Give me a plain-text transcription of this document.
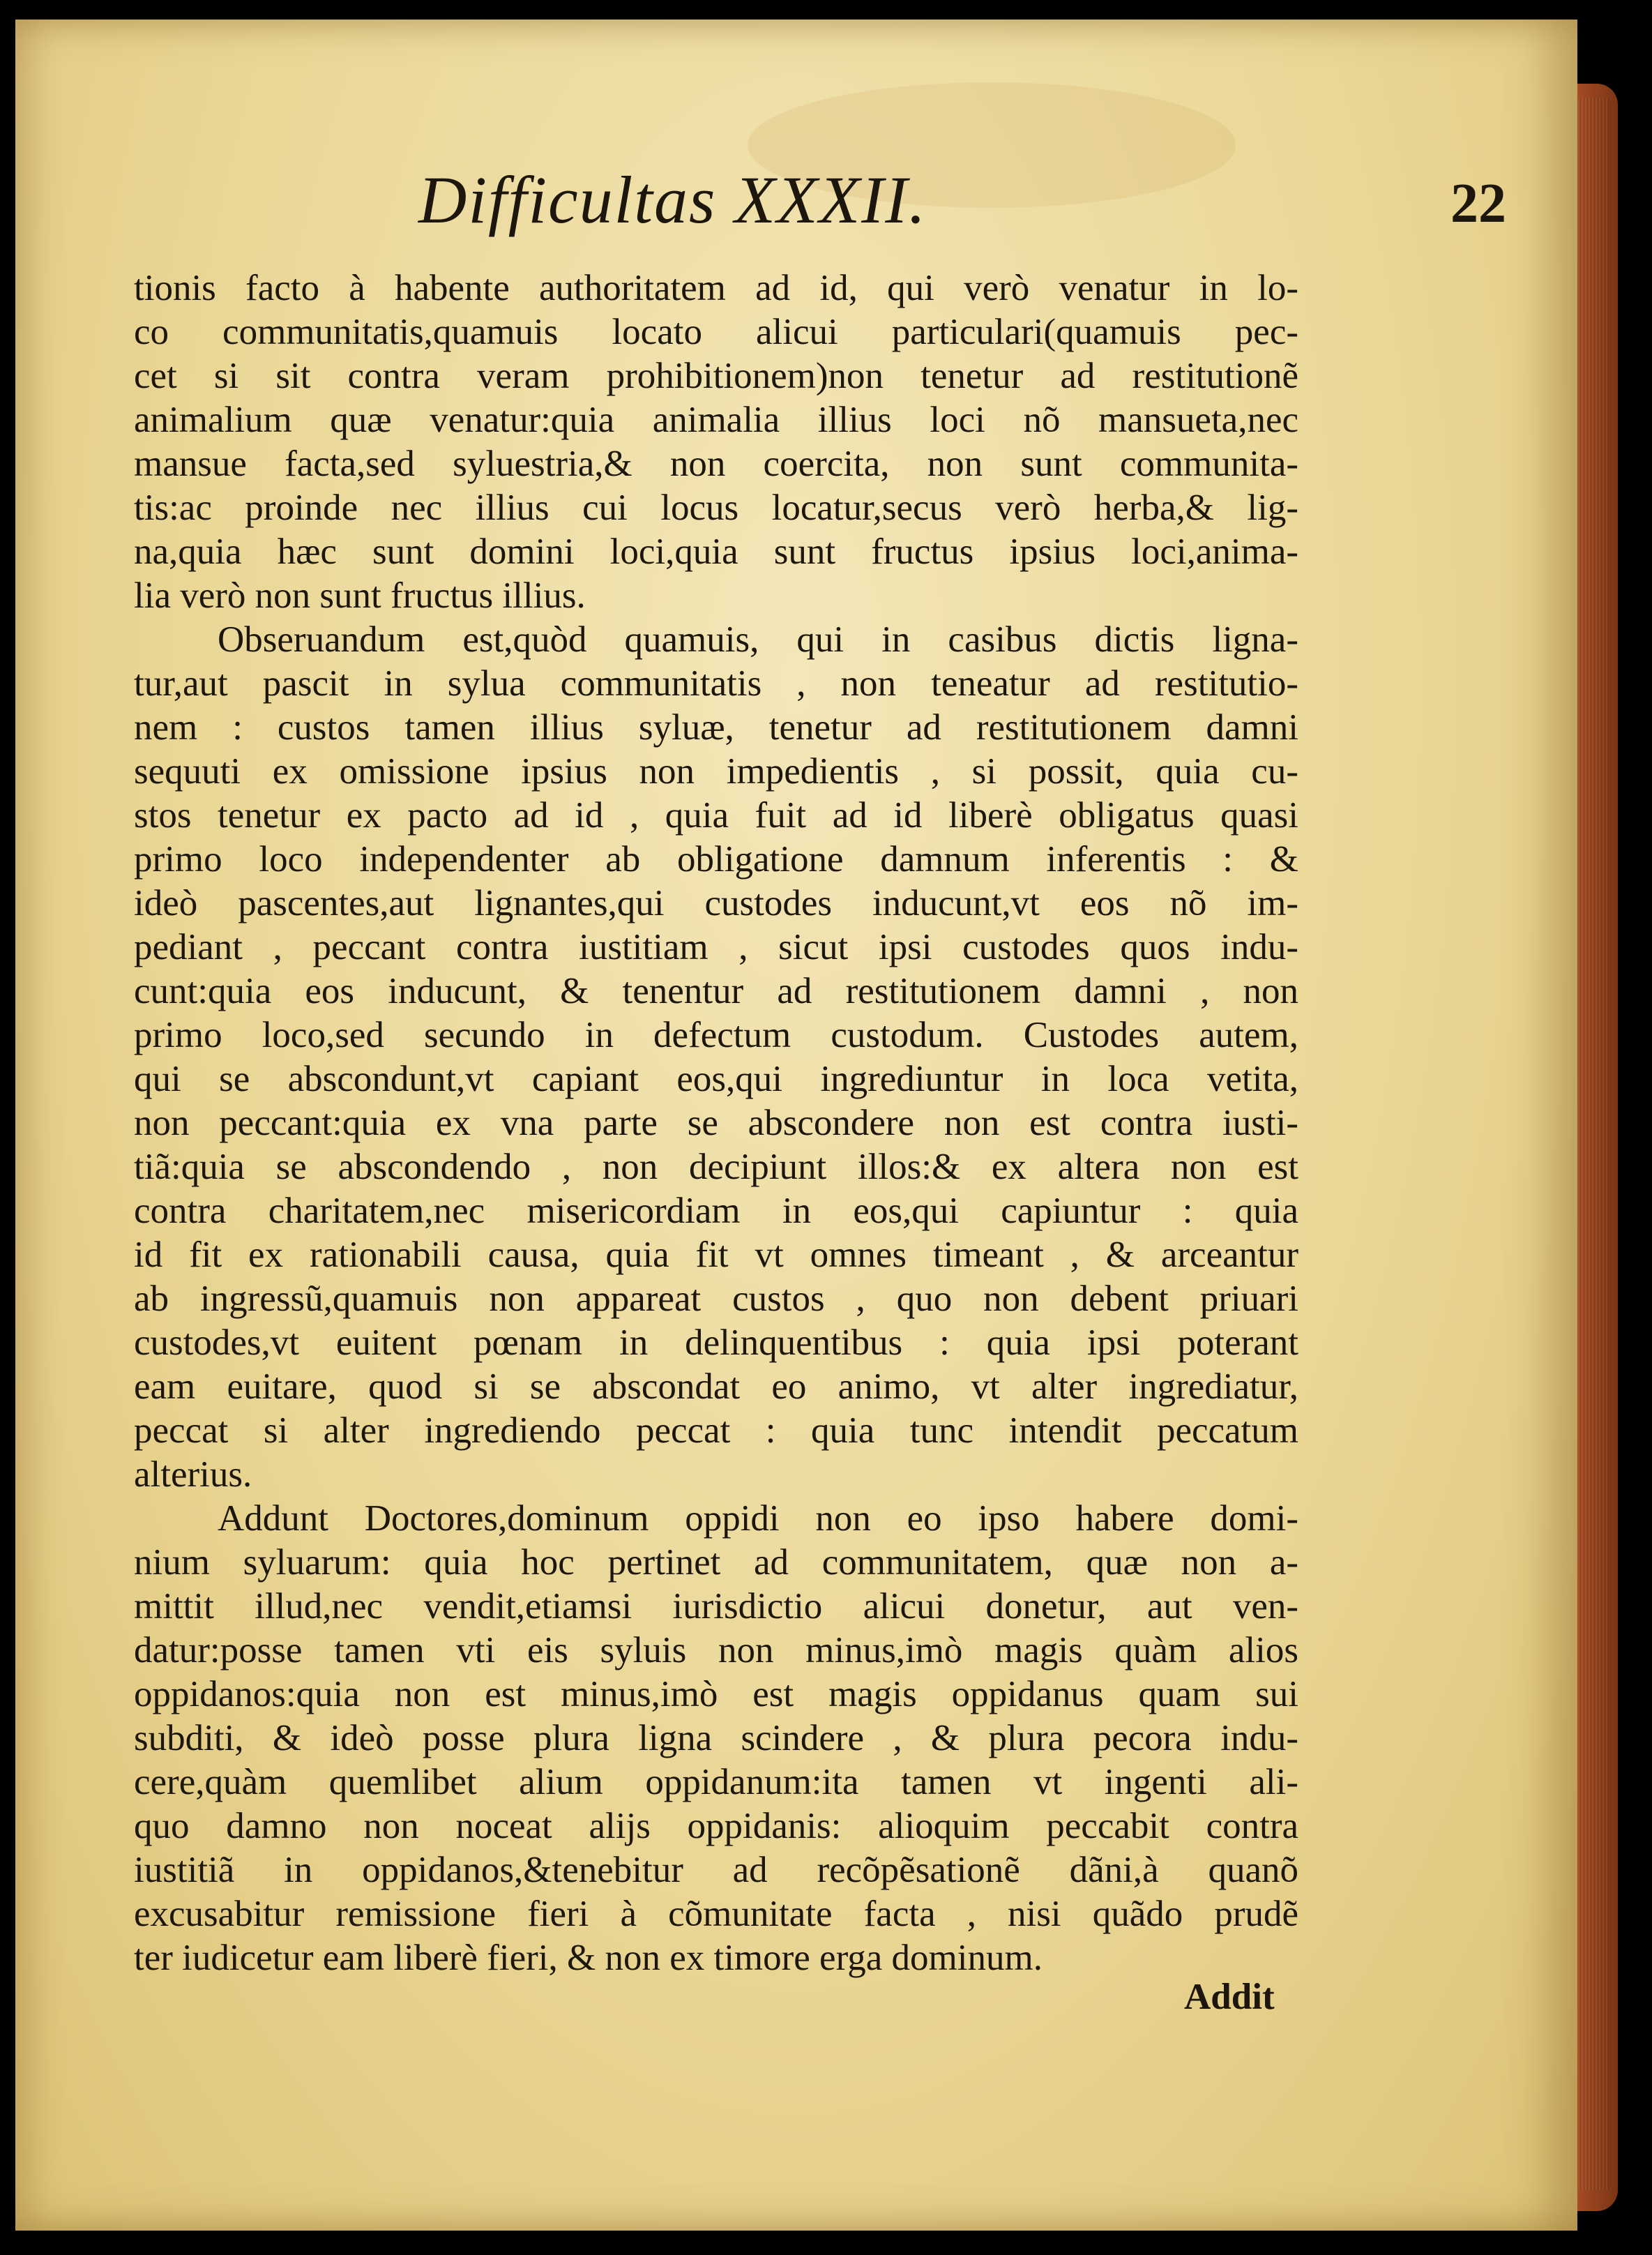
Difficultas XXXII.	22
tionis facto à habente authoritatem ad id, qui verò venatur in lo-
co communitatis,quamuis locato alicui particulari(quamuis pec-
cet si sit contra veram prohibitionem)non tenetur ad restitutionẽ
animalium quæ venatur:quia animalia illius loci nõ mansueta,nec
mansue facta,sed syluestria,& non coercita, non sunt communita-
tis:ac proinde nec illius cui locus locatur,secus verò herba,& lig-
na,quia hæc sunt domini loci,quia sunt fructus ipsius loci,anima-
lia verò non sunt fructus illius.
Obseruandum est,quòd quamuis, qui in casibus dictis ligna-
tur,aut pascit in sylua communitatis , non teneatur ad restitutio-
nem : custos tamen illius syluæ, tenetur ad restitutionem damni
sequuti ex omissione ipsius non impedientis , si possit, quia cu-
stos tenetur ex pacto ad id , quia fuit ad id liberè obligatus quasi
primo loco independenter ab obligatione damnum inferentis : &
ideò pascentes,aut lignantes,qui custodes inducunt,vt eos nõ im-
pediant , peccant contra iustitiam , sicut ipsi custodes quos indu-
cunt:quia eos inducunt, & tenentur ad restitutionem damni , non
primo loco,sed secundo in defectum custodum. Custodes autem,
qui se abscondunt,vt capiant eos,qui ingrediuntur in loca vetita,
non peccant:quia ex vna parte se abscondere non est contra iusti-
tiã:quia se abscondendo , non decipiunt illos:& ex altera non est
contra charitatem,nec misericordiam in eos,qui capiuntur : quia
id fit ex rationabili causa, quia fit vt omnes timeant , & arceantur
ab ingressũ,quamuis non appareat custos , quo non debent priuari
custodes,vt euitent pœnam in delinquentibus : quia ipsi poterant
eam euitare, quod si se abscondat eo animo, vt alter ingrediatur,
peccat si alter ingrediendo peccat : quia tunc intendit peccatum
alterius.
Addunt Doctores,dominum oppidi non eo ipso habere domi-
nium syluarum: quia hoc pertinet ad communitatem, quæ non a-
mittit illud,nec vendit,etiamsi iurisdictio alicui donetur, aut ven-
datur:posse tamen vti eis syluis non minus,imò magis quàm alios
oppidanos:quia non est minus,imò est magis oppidanus quam sui
subditi, & ideò posse plura ligna scindere , & plura pecora indu-
cere,quàm quemlibet alium oppidanum:ita tamen vt ingenti ali-
quo damno non noceat alijs oppidanis: alioquim peccabit contra
iustitiã in oppidanos,&tenebitur ad recõpẽsationẽ dãni,à quanõ
excusabitur remissione fieri à cõmunitate facta , nisi quãdo prudẽ
ter iudicetur eam liberè fieri, & non ex timore erga dominum.
Addit
